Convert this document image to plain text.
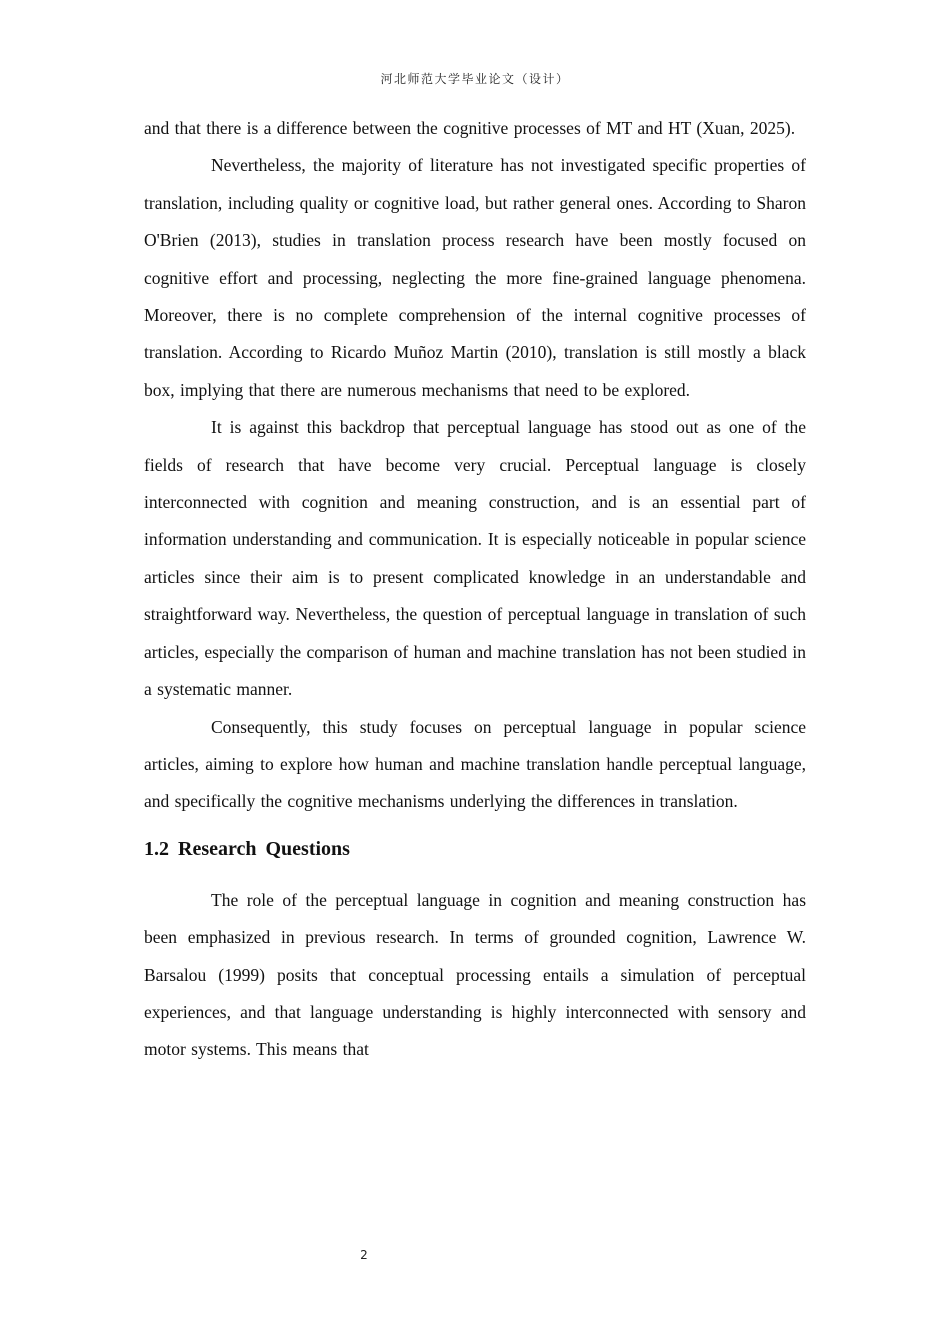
河北师范大学毕业论文（设计）

and that there is a difference between the cognitive processes of MT and HT (Xuan, 2025).

Nevertheless, the majority of literature has not investigated specific properties of translation, including quality or cognitive load, but rather general ones. According to Sharon O'Brien (2013), studies in translation process research have been mostly focused on cognitive effort and processing, neglecting the more fine-grained language phenomena. Moreover, there is no complete comprehension of the internal cognitive processes of translation. According to Ricardo Muñoz Martin (2010), translation is still mostly a black box, implying that there are numerous mechanisms that need to be explored.

It is against this backdrop that perceptual language has stood out as one of the fields of research that have become very crucial. Perceptual language is closely interconnected with cognition and meaning construction, and is an essential part of information understanding and communication. It is especially noticeable in popular science articles since their aim is to present complicated knowledge in an understandable and straightforward way. Nevertheless, the question of perceptual language in translation of such articles, especially the comparison of human and machine translation has not been studied in a systematic manner.

Consequently, this study focuses on perceptual language in popular science articles, aiming to explore how human and machine translation handle perceptual language, and specifically the cognitive mechanisms underlying the differences in translation.

1.2 Research Questions

The role of the perceptual language in cognition and meaning construction has been emphasized in previous research. In terms of grounded cognition, Lawrence W. Barsalou (1999) posits that conceptual processing entails a simulation of perceptual experiences, and that language understanding is highly interconnected with sensory and motor systems. This means that

2
